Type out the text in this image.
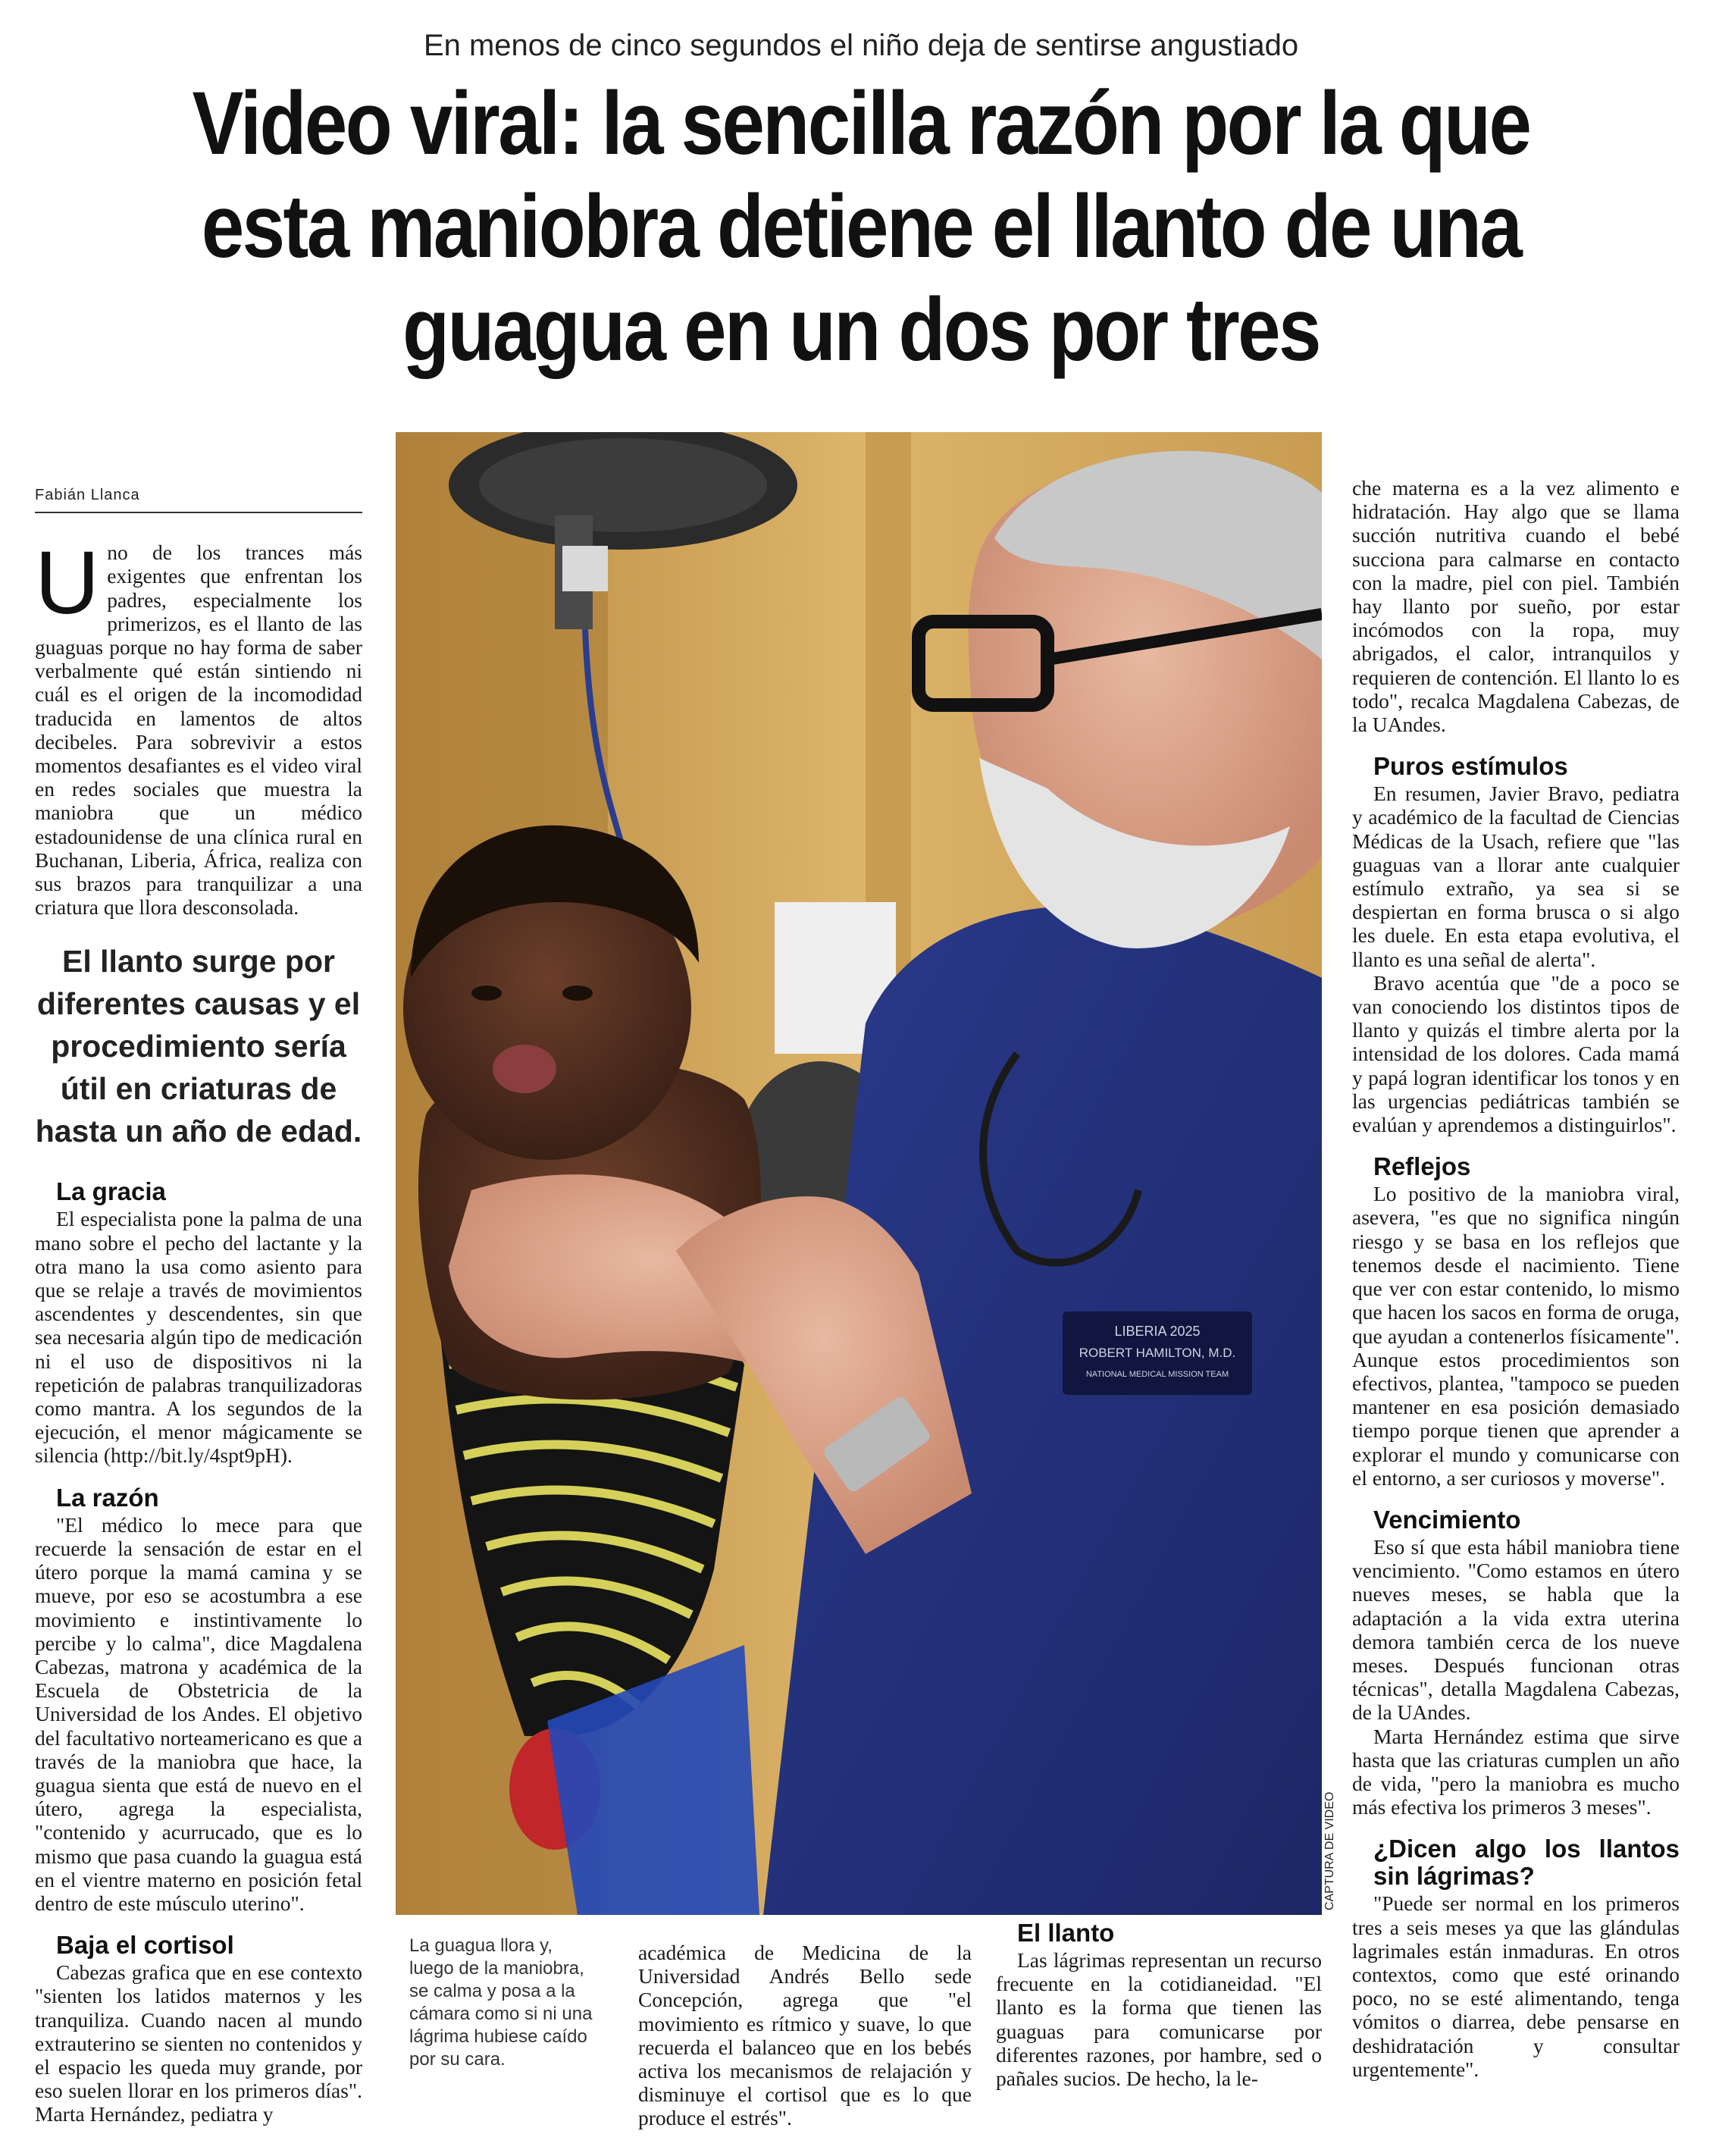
En menos de cinco segundos el niño deja de sentirse angustiado
Video viral: la sencilla razón por la que
esta maniobra detiene el llanto de una
guagua en un dos por tres
Fabián Llanca

Uno de los trances más exigentes que enfrentan los padres, especialmente los primerizos, es el llanto de las guaguas porque no hay forma de saber verbalmente qué están sintiendo ni cuál es el origen de la incomodidad traducida en lamentos de altos decibeles. Para sobrevivir a estos momentos desafiantes es el video viral en redes sociales que muestra la maniobra que un médico estadounidense de una clínica rural en Buchanan, Liberia, África, realiza con sus brazos para tranquilizar a una criatura que llora desconsolada.

El llanto surge por diferentes causas y el procedimiento sería útil en criaturas de hasta un año de edad.
La gracia

El especialista pone la palma de una mano sobre el pecho del lactante y la otra mano la usa como asiento para que se relaje a través de movimientos ascendentes y descendentes, sin que sea necesaria algún tipo de medicación ni el uso de dispositivos ni la repetición de palabras tranquilizadoras como mantra. A los segundos de la ejecución, el menor mágicamente se silencia (http://bit.ly/4spt9pH).

La razón

"El médico lo mece para que recuerde la sensación de estar en el útero porque la mamá camina y se mueve, por eso se acostumbra a ese movimiento e instintivamente lo percibe y lo calma", dice Magdalena Cabezas, matrona y académica de la Escuela de Obstetricia de la Universidad de los Andes. El objetivo del facultativo norteamericano es que a través de la maniobra que hace, la guagua sienta que está de nuevo en el útero, agrega la especialista, "contenido y acurrucado, que es lo mismo que pasa cuando la guagua está en el vientre materno en posición fetal dentro de este músculo uterino".

Baja el cortisol

Cabezas grafica que en ese contexto "sienten los latidos maternos y les tranquiliza. Cuando nacen al mundo extrauterino se sienten no contenidos y el espacio les queda muy grande, por eso suelen llorar en los primeros días". Marta Hernández, pediatra y

LIBERIA 2025
ROBERT HAMILTON, M.D.
NATIONAL MEDICAL MISSION TEAM
CAPTURA DE VIDEO
La guagua llora y, luego de la maniobra, se calma y posa a la cámara como si ni una lágrima hubiese caído por su cara.

académica de Medicina de la Universidad Andrés Bello sede Concepción, agrega que "el movimiento es rítmico y suave, lo que recuerda el balanceo que en los bebés activa los mecanismos de relajación y disminuye el cortisol que es lo que produce el estrés".

El llanto

Las lágrimas representan un recurso frecuente en la cotidianeidad. "El llanto es la forma que tienen las guaguas para comunicarse por diferentes razones, por hambre, sed o pañales sucios. De hecho, la le-

che materna es a la vez alimento e hidratación. Hay algo que se llama succión nutritiva cuando el bebé succiona para calmarse en contacto con la madre, piel con piel. También hay llanto por sueño, por estar incómodos con la ropa, muy abrigados, el calor, intranquilos y requieren de contención. El llanto lo es todo", recalca Magdalena Cabezas, de la UAndes.

Puros estímulos

En resumen, Javier Bravo, pediatra y académico de la facultad de Ciencias Médicas de la Usach, refiere que "las guaguas van a llorar ante cualquier estímulo extraño, ya sea si se despiertan en forma brusca o si algo les duele. En esta etapa evolutiva, el llanto es una señal de alerta".

Bravo acentúa que "de a poco se van conociendo los distintos tipos de llanto y quizás el timbre alerta por la intensidad de los dolores. Cada mamá y papá logran identificar los tonos y en las urgencias pediátricas también se evalúan y aprendemos a distinguirlos".

Reflejos

Lo positivo de la maniobra viral, asevera, "es que no significa ningún riesgo y se basa en los reflejos que tenemos desde el nacimiento. Tiene que ver con estar contenido, lo mismo que hacen los sacos en forma de oruga, que ayudan a contenerlos físicamente". Aunque estos procedimientos son efectivos, plantea, "tampoco se pueden mantener en esa posición demasiado tiempo porque tienen que aprender a explorar el mundo y comunicarse con el entorno, a ser curiosos y moverse".

Vencimiento

Eso sí que esta hábil maniobra tiene vencimiento. "Como estamos en útero nueves meses, se habla que la adaptación a la vida extra uterina demora también cerca de los nueve meses. Después funcionan otras técnicas", detalla Magdalena Cabezas, de la UAndes.

Marta Hernández estima que sirve hasta que las criaturas cumplen un año de vida, "pero la maniobra es mucho más efectiva los primeros 3 meses".

¿Dicen algo los llantos sin lágrimas?

"Puede ser normal en los primeros tres a seis meses ya que las glándulas lagrimales están inmaduras. En otros contextos, como que esté orinando poco, no se esté alimentando, tenga vómitos o diarrea, debe pensarse en deshidratación y consultar urgentemente".
